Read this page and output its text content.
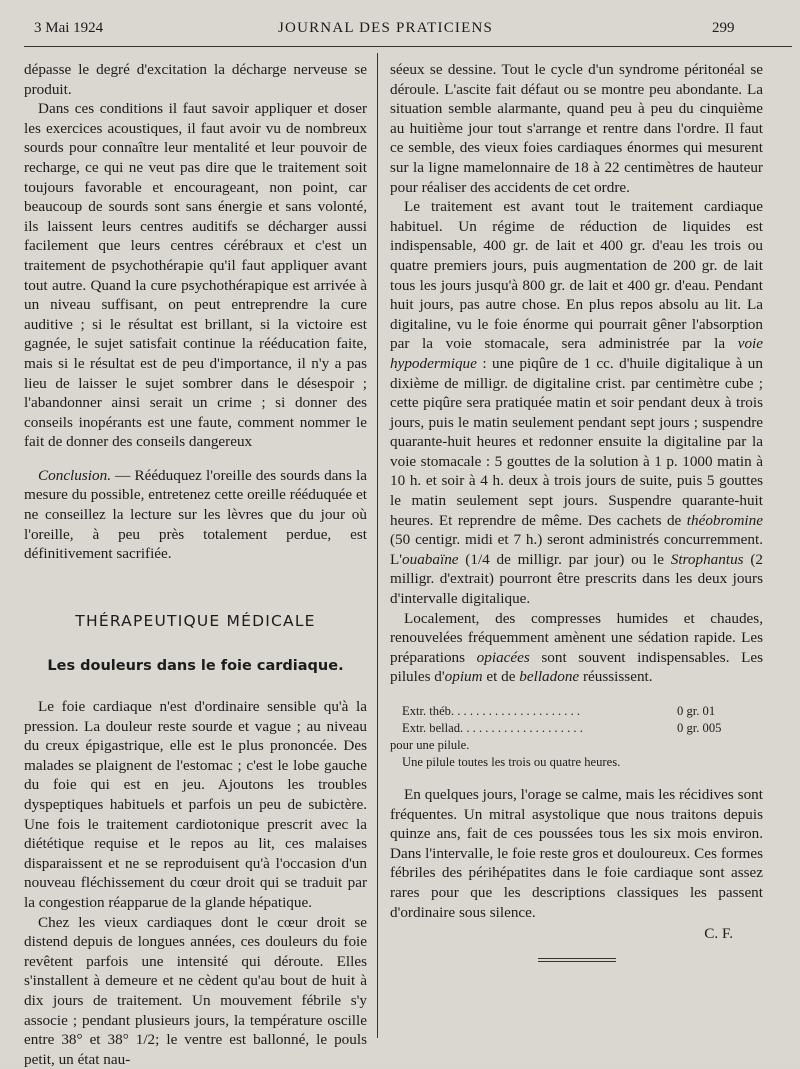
3 Mai 1924	JOURNAL DES PRATICIENS	299

dépasse le degré d'excitation la décharge nerveuse se produit.

Dans ces conditions il faut savoir appliquer et doser les exercices acoustiques, il faut avoir vu de nombreux sourds pour connaître leur mentalité et leur pouvoir de recharge, ce qui ne veut pas dire que le traitement soit toujours favorable et encourageant, non point, car beaucoup de sourds sont sans énergie et sans volonté, ils laissent leurs centres auditifs se décharger aussi facilement que leurs centres cérébraux et c'est un traitement de psychothérapie qu'il faut appliquer avant tout autre. Quand la cure psychothérapique est arrivée à un niveau suffisant, on peut entreprendre la cure auditive ; si le résultat est brillant, si la victoire est gagnée, le sujet satisfait continue la rééducation faite, mais si le résultat est de peu d'importance, il n'y a pas lieu de laisser le sujet sombrer dans le désespoir ; l'abandonner ainsi serait un crime ; si donner des conseils inopérants est une faute, comment nommer le fait de donner des conseils dangereux

Conclusion. — Rééduquez l'oreille des sourds dans la mesure du possible, entretenez cette oreille rééduquée et ne conseillez la lecture sur les lèvres que du jour où l'oreille, à peu près totalement perdue, est définitivement sacrifiée.

THÉRAPEUTIQUE MÉDICALE
Les douleurs dans le foie cardiaque.

Le foie cardiaque n'est d'ordinaire sensible qu'à la pression. La douleur reste sourde et vague ; au niveau du creux épigastrique, elle est le plus prononcée. Des malades se plaignent de l'estomac ; c'est le lobe gauche du foie qui est en jeu. Ajoutons les troubles dyspeptiques habituels et parfois un peu de subictère. Une fois le traitement cardiotonique prescrit avec la diététique requise et le repos au lit, ces malaises disparaissent et ne se reproduisent qu'à l'occasion d'un nouveau fléchissement du cœur droit qui se traduit par la congestion réapparue de la glande hépatique.

Chez les vieux cardiaques dont le cœur droit se distend depuis de longues années, ces douleurs du foie revêtent parfois une intensité qui déroute. Elles s'installent à demeure et ne cèdent qu'au bout de huit à dix jours de traitement. Un mouvement fébrile s'y associe ; pendant plusieurs jours, la température oscille entre 38° et 38° 1/2; le ventre est ballonné, le pouls petit, un état nau-

séeux se dessine. Tout le cycle d'un syndrome péritonéal se déroule. L'ascite fait défaut ou se montre peu abondante. La situation semble alarmante, quand peu à peu du cinquième au huitième jour tout s'arrange et rentre dans l'ordre. Il faut ce semble, des vieux foies cardiaques énormes qui mesurent sur la ligne mamelonnaire de 18 à 22 centimètres de hauteur pour réaliser des accidents de cet ordre.

Le traitement est avant tout le traitement cardiaque habituel. Un régime de réduction de liquides est indispensable, 400 gr. de lait et 400 gr. d'eau les trois ou quatre premiers jours, puis augmentation de 200 gr. de lait tous les jours jusqu'à 800 gr. de lait et 400 gr. d'eau. Pendant huit jours, pas autre chose. En plus repos absolu au lit. La digitaline, vu le foie énorme qui pourrait gêner l'absorption par la voie stomacale, sera administrée par la voie hypodermique : une piqûre de 1 cc. d'huile digitalique à un dixième de milligr. de digitaline crist. par centimètre cube ; cette piqûre sera pratiquée matin et soir pendant deux à trois jours, puis le matin seulement pendant sept jours ; suspendre quarante-huit heures et redonner ensuite la digitaline par la voie stomacale : 5 gouttes de la solution à 1 p. 1000 matin à 10 h. et soir à 4 h. deux à trois jours de suite, puis 5 gouttes le matin seulement sept jours. Suspendre quarante-huit heures. Et reprendre de même. Des cachets de théobromine (50 centigr. midi et 7 h.) seront administrés concurremment. L'ouabaïne (1/4 de milligr. par jour) ou le Strophantus (2 milligr. d'extrait) pourront être prescrits dans les deux jours d'intervalle digitalique.

Localement, des compresses humides et chaudes, renouvelées fréquemment amènent une sédation rapide. Les préparations opiacées sont souvent indispensables. Les pilules d'opium et de belladone réussissent.

Extr. théb. . . . . . . . . . . . . . . . . . . . .	0 gr. 01
Extr. bellad. . . . . . . . . . . . . . . . . . . .	0 gr. 005
pour une pilule.
Une pilule toutes les trois ou quatre heures.

En quelques jours, l'orage se calme, mais les récidives sont fréquentes. Un mitral asystolique que nous traitons depuis quinze ans, fait de ces poussées tous les six mois environ. Dans l'intervalle, le foie reste gros et douloureux. Ces formes fébriles des périhépatites dans le foie cardiaque sont assez rares pour que les descriptions classiques les passent d'ordinaire sous silence.

C. F.
